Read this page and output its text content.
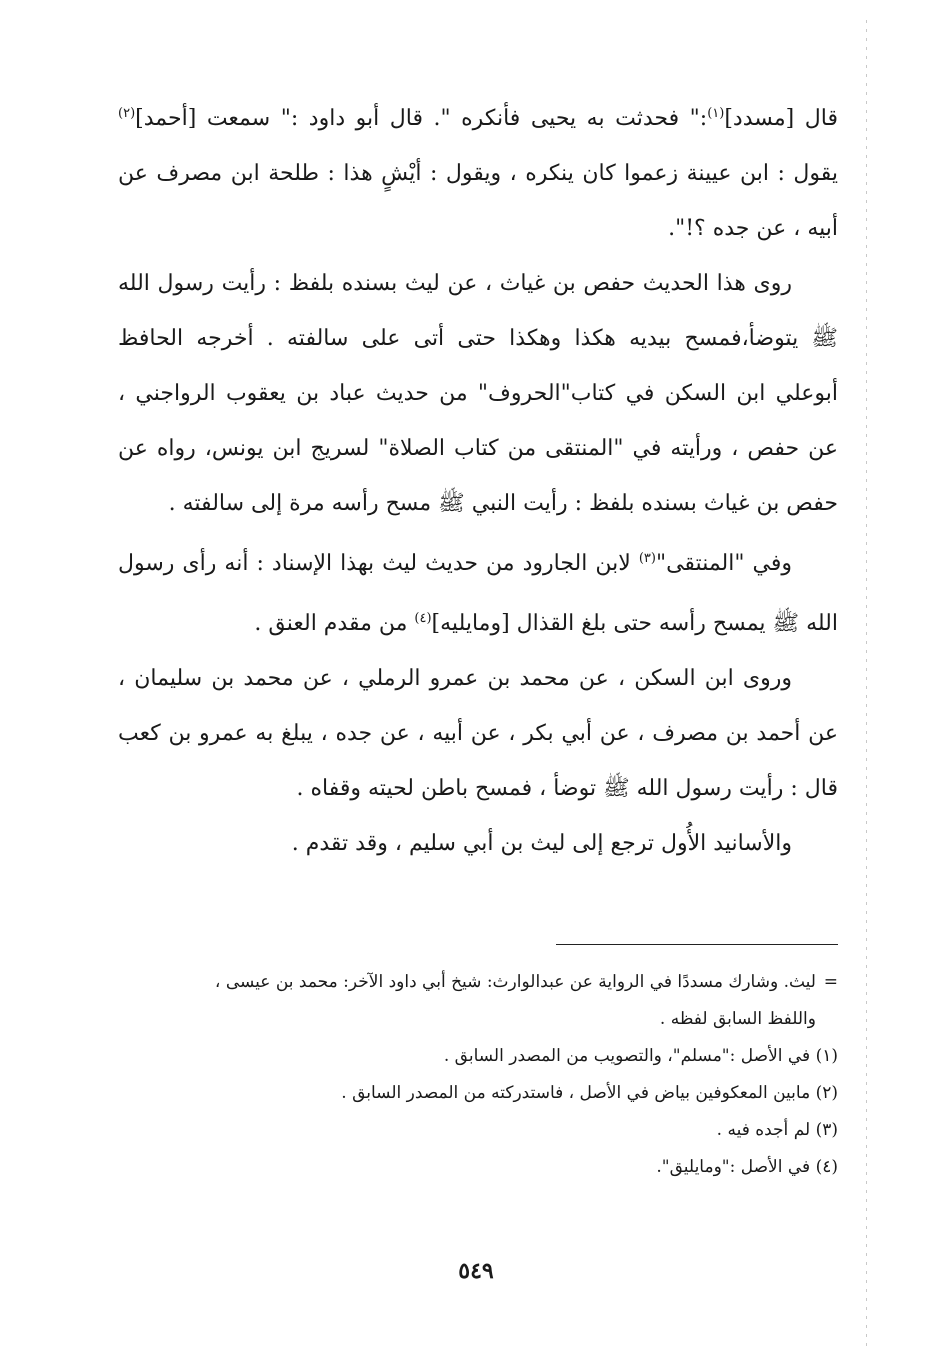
قال [مسدد]$^{(١)}$:" فحدثت به يحيى فأنكره ". قال أبو داود :" سمعت [أحمد]$^{(٢)}$ يقول : ابن عيينة زعموا كان ينكره ، ويقول : أيْشٍ هذا : طلحة ابن مصرف عن أبيه ، عن جده ؟!".

روى هذا الحديث حفص بن غياث ، عن ليث بسنده بلفظ : رأيت رسول الله ﷺ يتوضأ،فمسح بيديه هكذا وهكذا حتى أتى على سالفته . أخرجه الحافظ أبوعلي ابن السكن في كتاب"الحروف" من حديث عباد بن يعقوب الرواجني ، عن حفص ، ورأيته في "المنتقى من كتاب الصلاة" لسريج ابن يونس، رواه عن حفص بن غياث بسنده بلفظ : رأيت النبي ﷺ مسح رأسه مرة إلى سالفته .

وفي "المنتقى"$^{(٣)}$ لابن الجارود من حديث ليث بهذا الإسناد : أنه رأى رسول الله ﷺ يمسح رأسه حتى بلغ القذال [ومايليه]$^{(٤)}$ من مقدم العنق .

وروى ابن السكن ، عن محمد بن عمرو الرملي ، عن محمد بن سليمان ، عن أحمد بن مصرف ، عن أبي بكر ، عن أبيه ، عن جده ، يبلغ به عمرو بن كعب قال : رأيت رسول الله ﷺ توضأ ، فمسح باطن لحيته وقفاه .

والأسانيد الأُول ترجع إلى ليث بن أبي سليم ، وقد تقدم .

=
ليث. وشارك مسددًا في الرواية عن عبدالوارث: شيخ أبي داود الآخر: محمد بن عيسى ،

واللفظ السابق لفظه .

(١) في الأصل :"مسلم"، والتصويب من المصدر السابق .

(٢) مابين المعكوفين بياض في الأصل ، فاستدركته من المصدر السابق .

(٣) لم أجده فيه .

(٤) في الأصل :"ومايليق".

٥٤٩
